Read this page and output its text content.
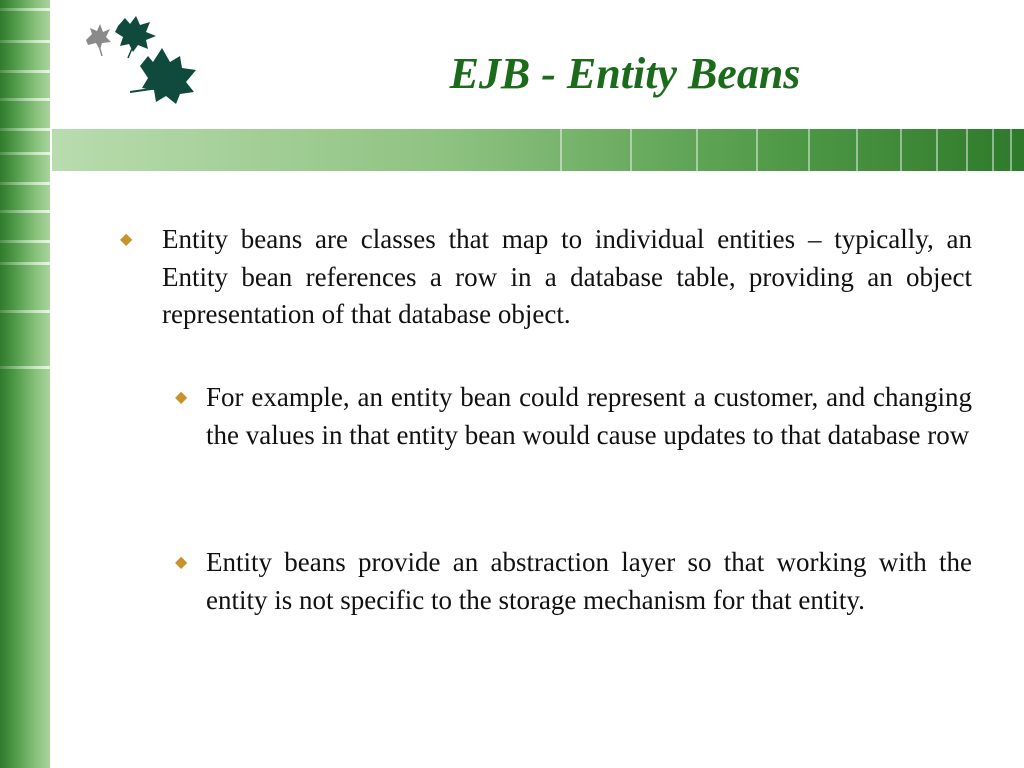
EJB - Entity Beans
◆	Entity beans are classes that map to individual entities – typically, an Entity bean references a row in a database table, providing an object representation of that database object.
◆ For example, an entity bean could represent a customer, and changing the values in that entity bean would cause updates to that database row
◆ Entity beans provide an abstraction layer so that working with the entity is not specific to the storage mechanism for that entity.
